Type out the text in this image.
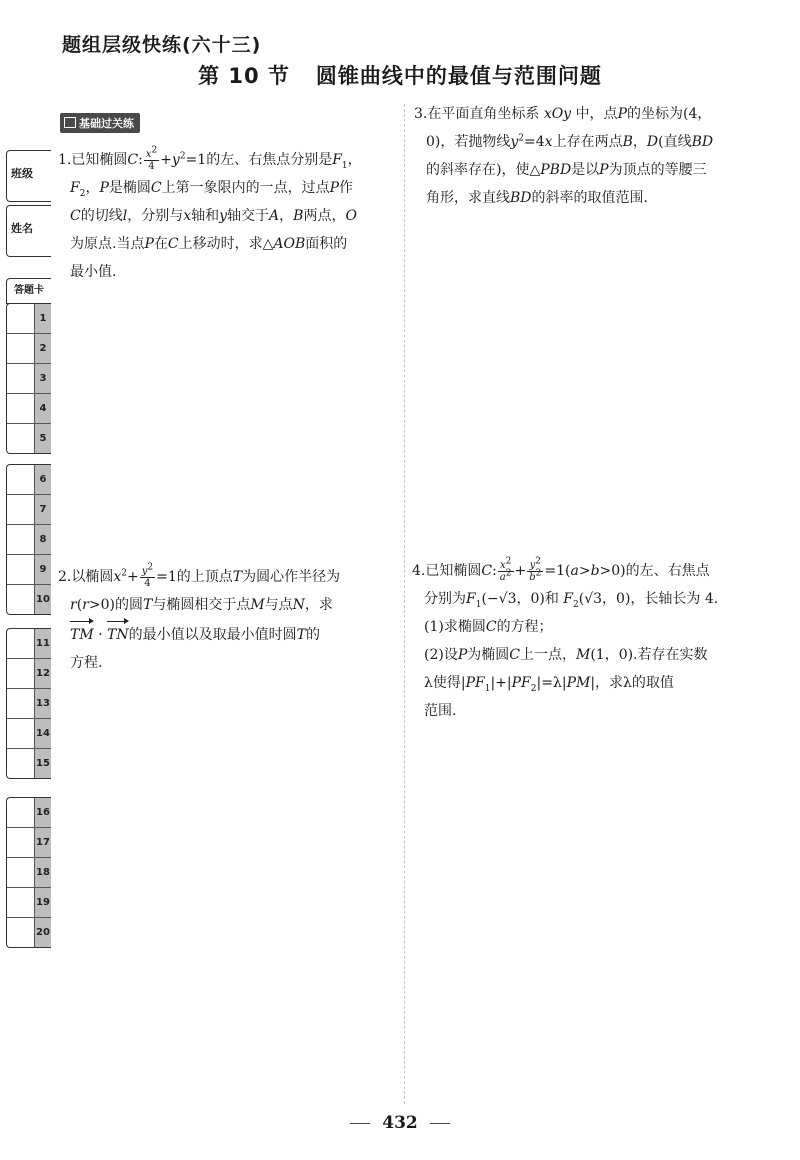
题组层级快练(六十三)
第 10 节 圆锥曲线中的最值与范围问题
班级
姓名
答题卡
1
2
3
4
5
6
7
8
9
10
11
12
13
14
15
16
17
18
19
20
基础过关练

1.已知椭圆C: $\frac{x^2}{4} +y^2=1$的左、右焦点分别是$F_1$，

$F_2$，P是椭圆C上第一象限内的一点，过点P作

C的切线l，分别与x轴和y轴交于A，B两点，O

为原点.当点P在C上移动时，求△AOB面积的

最小值.

2.以椭圆$x^2+ \frac{y^2}{4} =1$的上顶点T为圆心作半径为

r(r>0)的圆T与椭圆相交于点M与点N，求

TM · TN的最小值以及取最小值时圆T的

方程.

3.在平面直角坐标系 xOy 中，点P的坐标为(4，

0)，若抛物线$y^2=4x$上存在两点B，D(直线BD

的斜率存在)，使△PBD是以P为顶点的等腰三

角形，求直线BD的斜率的取值范围.

4.已知椭圆C: $\frac{x^2}{a^2} + \frac{y^2}{b^2} =1(a>b>0)$的左、右焦点

分别为$F_1(-√3$，0)和 $F_2(√3$，0)，长轴长为 4.

(1)求椭圆C的方程；

(2)设P为椭圆C上一点，M(1，0).若存在实数

λ使得$|PF_1|+|PF_2|=\lambda|PM|$，求λ的取值

范围.

432
